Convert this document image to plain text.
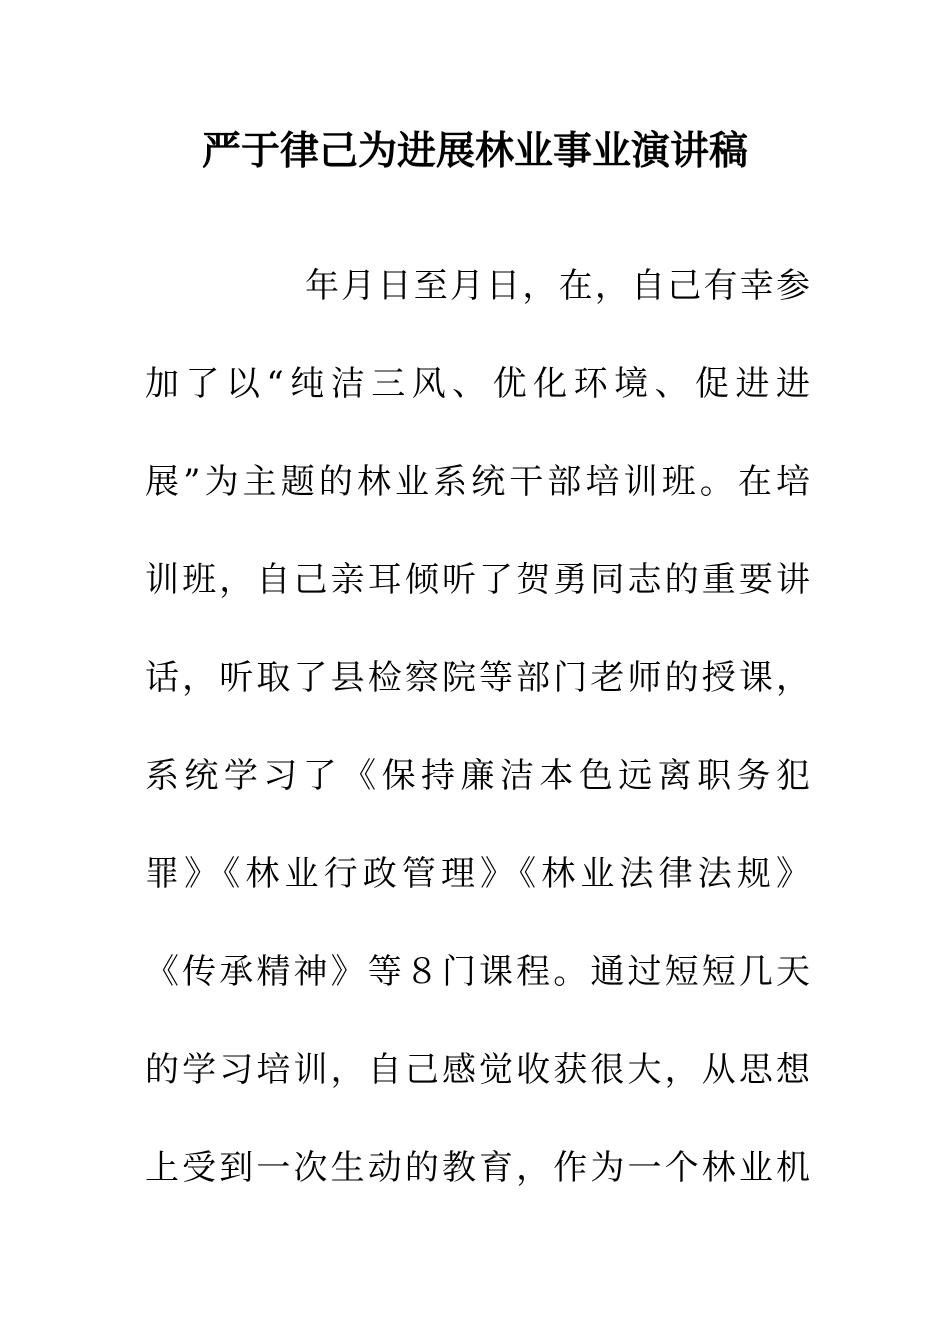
严于律己为进展林业事业演讲稿
年月日至月日，在，自己有幸参
加了以“纯洁三风、优化环境、促进进
展”为主题的林业系统干部培训班。在培
训班，自己亲耳倾听了贺勇同志的重要讲
话，听取了县检察院等部门老师的授课，
系统学习了《保持廉洁本色远离职务犯
罪》《林业行政管理》《林业法律法规》
《传承精神》等８门课程。通过短短几天
的学习培训，自己感觉收获很大，从思想
上受到一次生动的教育，作为一个林业机
